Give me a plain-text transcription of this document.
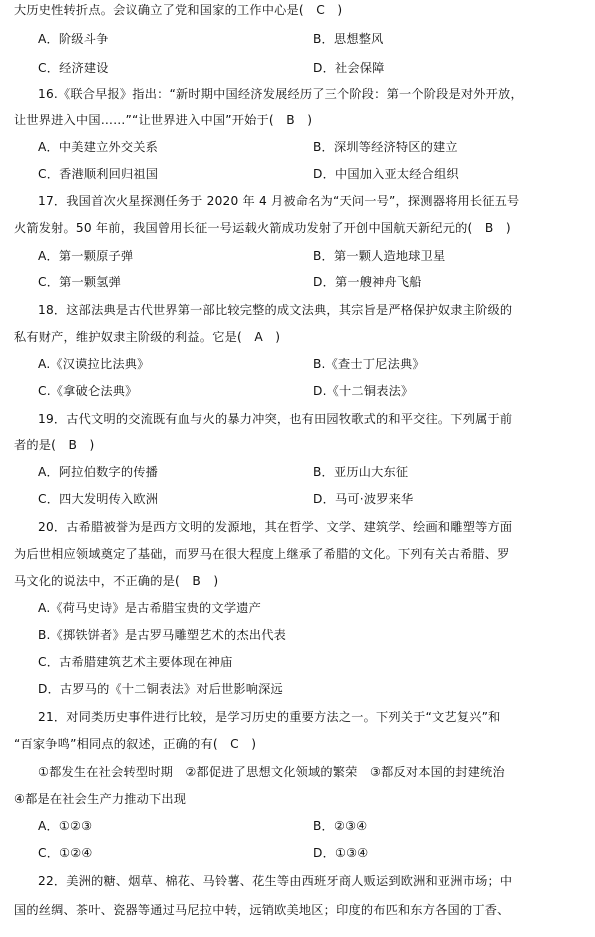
大历史性转折点。会议确立了党和国家的工作中心是(　C　)
A．阶级斗争	B．思想整风
C．经济建设	D．社会保障
16.《联合早报》指出：“新时期中国经济发展经历了三个阶段：第一个阶段是对外开放，
让世界进入中国……”“让世界进入中国”开始于(　B　)
A．中美建立外交关系	B．深圳等经济特区的建立
C．香港顺利回归祖国	D．中国加入亚太经合组织
17．我国首次火星探测任务于 2020 年 4 月被命名为“天问一号”，探测器将用长征五号
火箭发射。50 年前，我国曾用长征一号运载火箭成功发射了开创中国航天新纪元的(　B　)
A．第一颗原子弹	B．第一颗人造地球卫星
C．第一颗氢弹	D．第一艘神舟飞船
18．这部法典是古代世界第一部比较完整的成文法典，其宗旨是严格保护奴隶主阶级的
私有财产，维护奴隶主阶级的利益。它是(　A　)
A.《汉谟拉比法典》	B.《查士丁尼法典》
C.《拿破仑法典》	D.《十二铜表法》
19．古代文明的交流既有血与火的暴力冲突，也有田园牧歌式的和平交往。下列属于前
者的是(　B　)
A．阿拉伯数字的传播	B．亚历山大东征
C．四大发明传入欧洲	D．马可·波罗来华
20．古希腊被誉为是西方文明的发源地，其在哲学、文学、建筑学、绘画和雕塑等方面
为后世相应领域奠定了基础，而罗马在很大程度上继承了希腊的文化。下列有关古希腊、罗
马文化的说法中，不正确的是(　B　)
A.《荷马史诗》是古希腊宝贵的文学遗产
B.《掷铁饼者》是古罗马雕塑艺术的杰出代表
C．古希腊建筑艺术主要体现在神庙
D．古罗马的《十二铜表法》对后世影响深远
21．对同类历史事件进行比较，是学习历史的重要方法之一。下列关于“文艺复兴”和
“百家争鸣”相同点的叙述，正确的有(　C　)
①都发生在社会转型时期　②都促进了思想文化领域的繁荣　③都反对本国的封建统治
④都是在社会生产力推动下出现
A．①②③	B．②③④
C．①②④	D．①③④
22．美洲的糖、烟草、棉花、马铃薯、花生等由西班牙商人贩运到欧洲和亚洲市场；中
国的丝绸、茶叶、瓷器等通过马尼拉中转，远销欧美地区；印度的布匹和东方各国的丁香、
